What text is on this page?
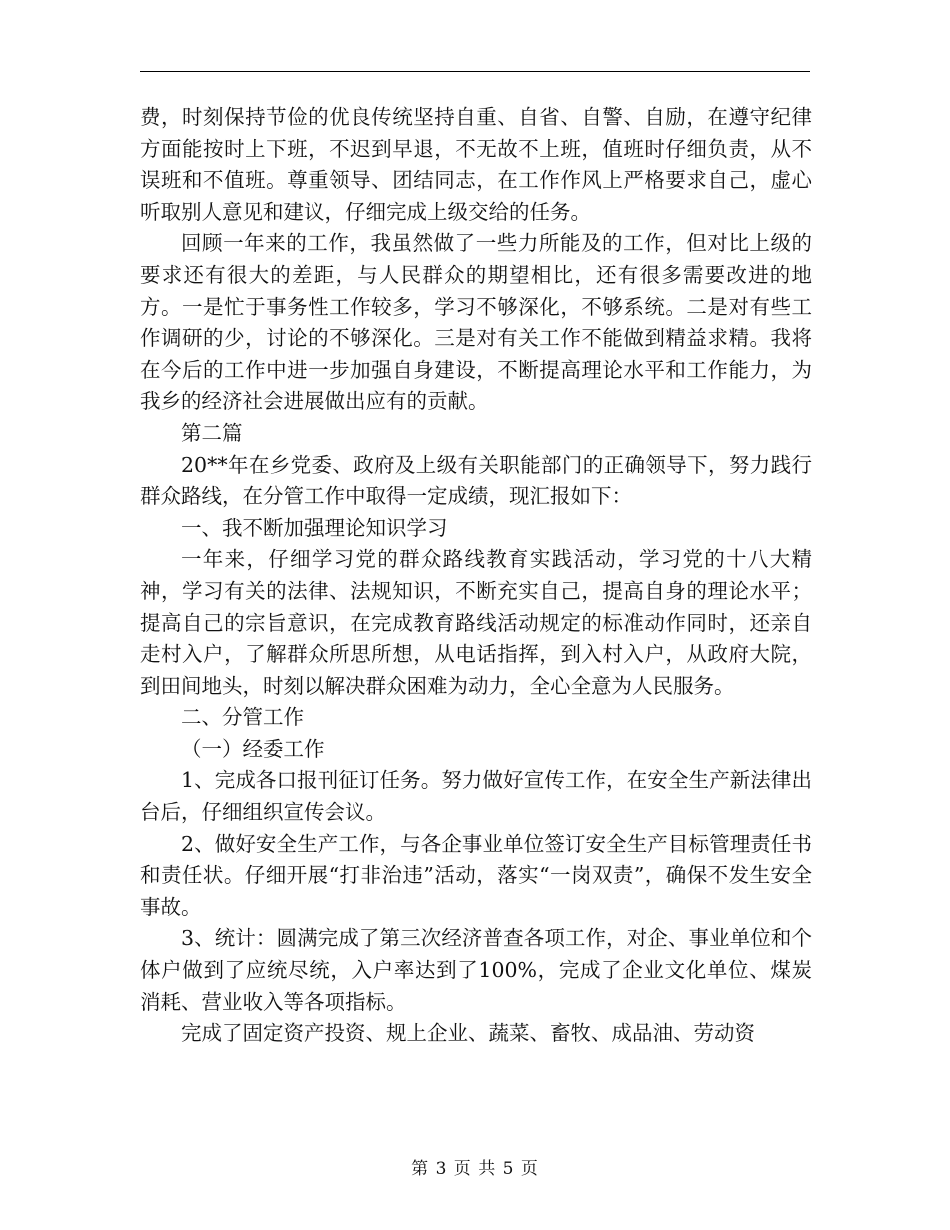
费，时刻保持节俭的优良传统坚持自重、自省、自警、自励，在遵守纪律方面能按时上下班，不迟到早退，不无故不上班，值班时仔细负责，从不误班和不值班。尊重领导、团结同志，在工作作风上严格要求自己，虚心听取别人意见和建议，仔细完成上级交给的任务。

回顾一年来的工作，我虽然做了一些力所能及的工作，但对比上级的要求还有很大的差距，与人民群众的期望相比，还有很多需要改进的地方。一是忙于事务性工作较多，学习不够深化，不够系统。二是对有些工作调研的少，讨论的不够深化。三是对有关工作不能做到精益求精。我将在今后的工作中进一步加强自身建设，不断提高理论水平和工作能力，为我乡的经济社会进展做出应有的贡献。

第二篇

20**年在乡党委、政府及上级有关职能部门的正确领导下，努力践行群众路线，在分管工作中取得一定成绩，现汇报如下：

一、我不断加强理论知识学习

一年来，仔细学习党的群众路线教育实践活动，学习党的十八大精神，学习有关的法律、法规知识，不断充实自己，提高自身的理论水平；提高自己的宗旨意识，在完成教育路线活动规定的标准动作同时，还亲自走村入户，了解群众所思所想，从电话指挥，到入村入户，从政府大院，到田间地头，时刻以解决群众困难为动力，全心全意为人民服务。

二、分管工作

（一）经委工作

1、完成各口报刊征订任务。努力做好宣传工作，在安全生产新法律出台后，仔细组织宣传会议。

2、做好安全生产工作，与各企事业单位签订安全生产目标管理责任书和责任状。仔细开展“打非治违”活动，落实“一岗双责”，确保不发生安全事故。

3、统计：圆满完成了第三次经济普查各项工作，对企、事业单位和个体户做到了应统尽统，入户率达到了100%，完成了企业文化单位、煤炭消耗、营业收入等各项指标。

完成了固定资产投资、规上企业、蔬菜、畜牧、成品油、劳动资

第 3 页 共 5 页
